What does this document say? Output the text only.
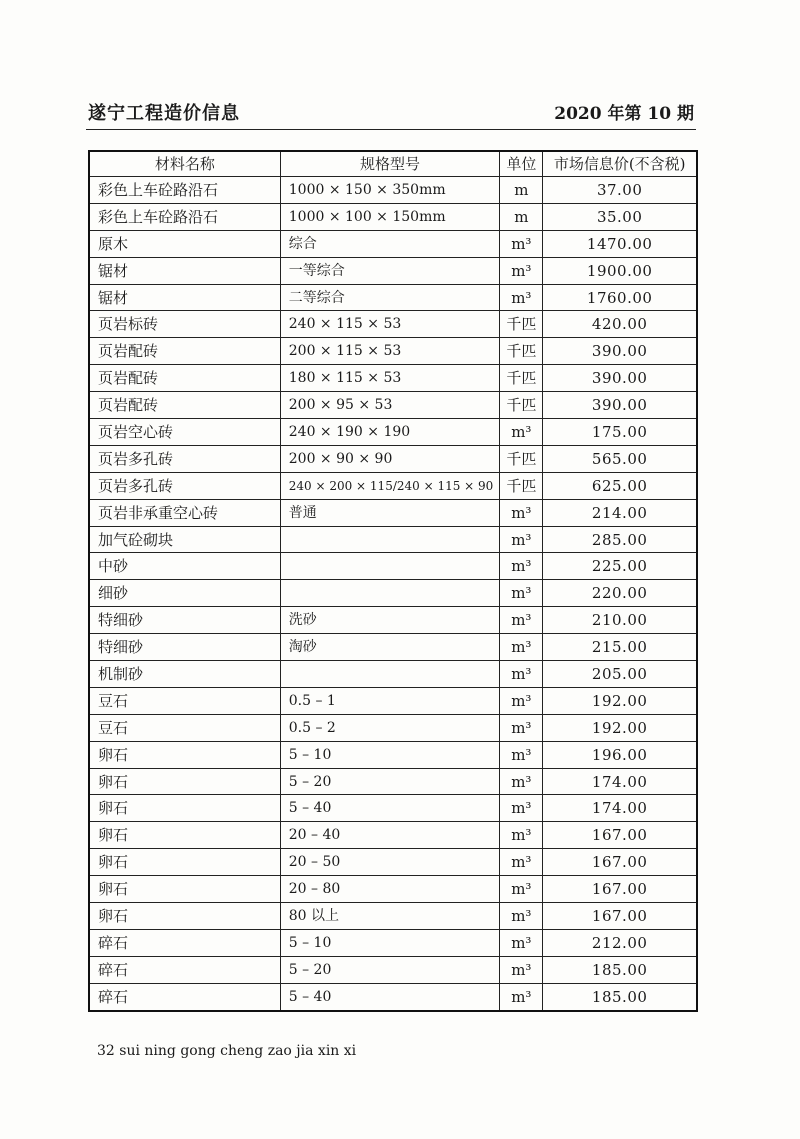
遂宁工程造价信息	2020 年第 10 期
材料名称	规格型号	单位	市场信息价(不含税)
彩色上车砼路沿石	1000 × 150 × 350mm	m	37.00
彩色上车砼路沿石	1000 × 100 × 150mm	m	35.00
原木	综合	m³	1470.00
锯材	一等综合	m³	1900.00
锯材	二等综合	m³	1760.00
页岩标砖	240 × 115 × 53	千匹	420.00
页岩配砖	200 × 115 × 53	千匹	390.00
页岩配砖	180 × 115 × 53	千匹	390.00
页岩配砖	200 × 95 × 53	千匹	390.00
页岩空心砖	240 × 190 × 190	m³	175.00
页岩多孔砖	200 × 90 × 90	千匹	565.00
页岩多孔砖	240 × 200 × 115/240 × 115 × 90	千匹	625.00
页岩非承重空心砖	普通	m³	214.00
加气砼砌块		m³	285.00
中砂		m³	225.00
细砂		m³	220.00
特细砂	洗砂	m³	210.00
特细砂	淘砂	m³	215.00
机制砂		m³	205.00
豆石	0.5 – 1	m³	192.00
豆石	0.5 – 2	m³	192.00
卵石	5 – 10	m³	196.00
卵石	5 – 20	m³	174.00
卵石	5 – 40	m³	174.00
卵石	20 – 40	m³	167.00
卵石	20 – 50	m³	167.00
卵石	20 – 80	m³	167.00
卵石	80 以上	m³	167.00
碎石	5 – 10	m³	212.00
碎石	5 – 20	m³	185.00
碎石	5 – 40	m³	185.00
32 sui ning gong cheng zao jia xin xi
